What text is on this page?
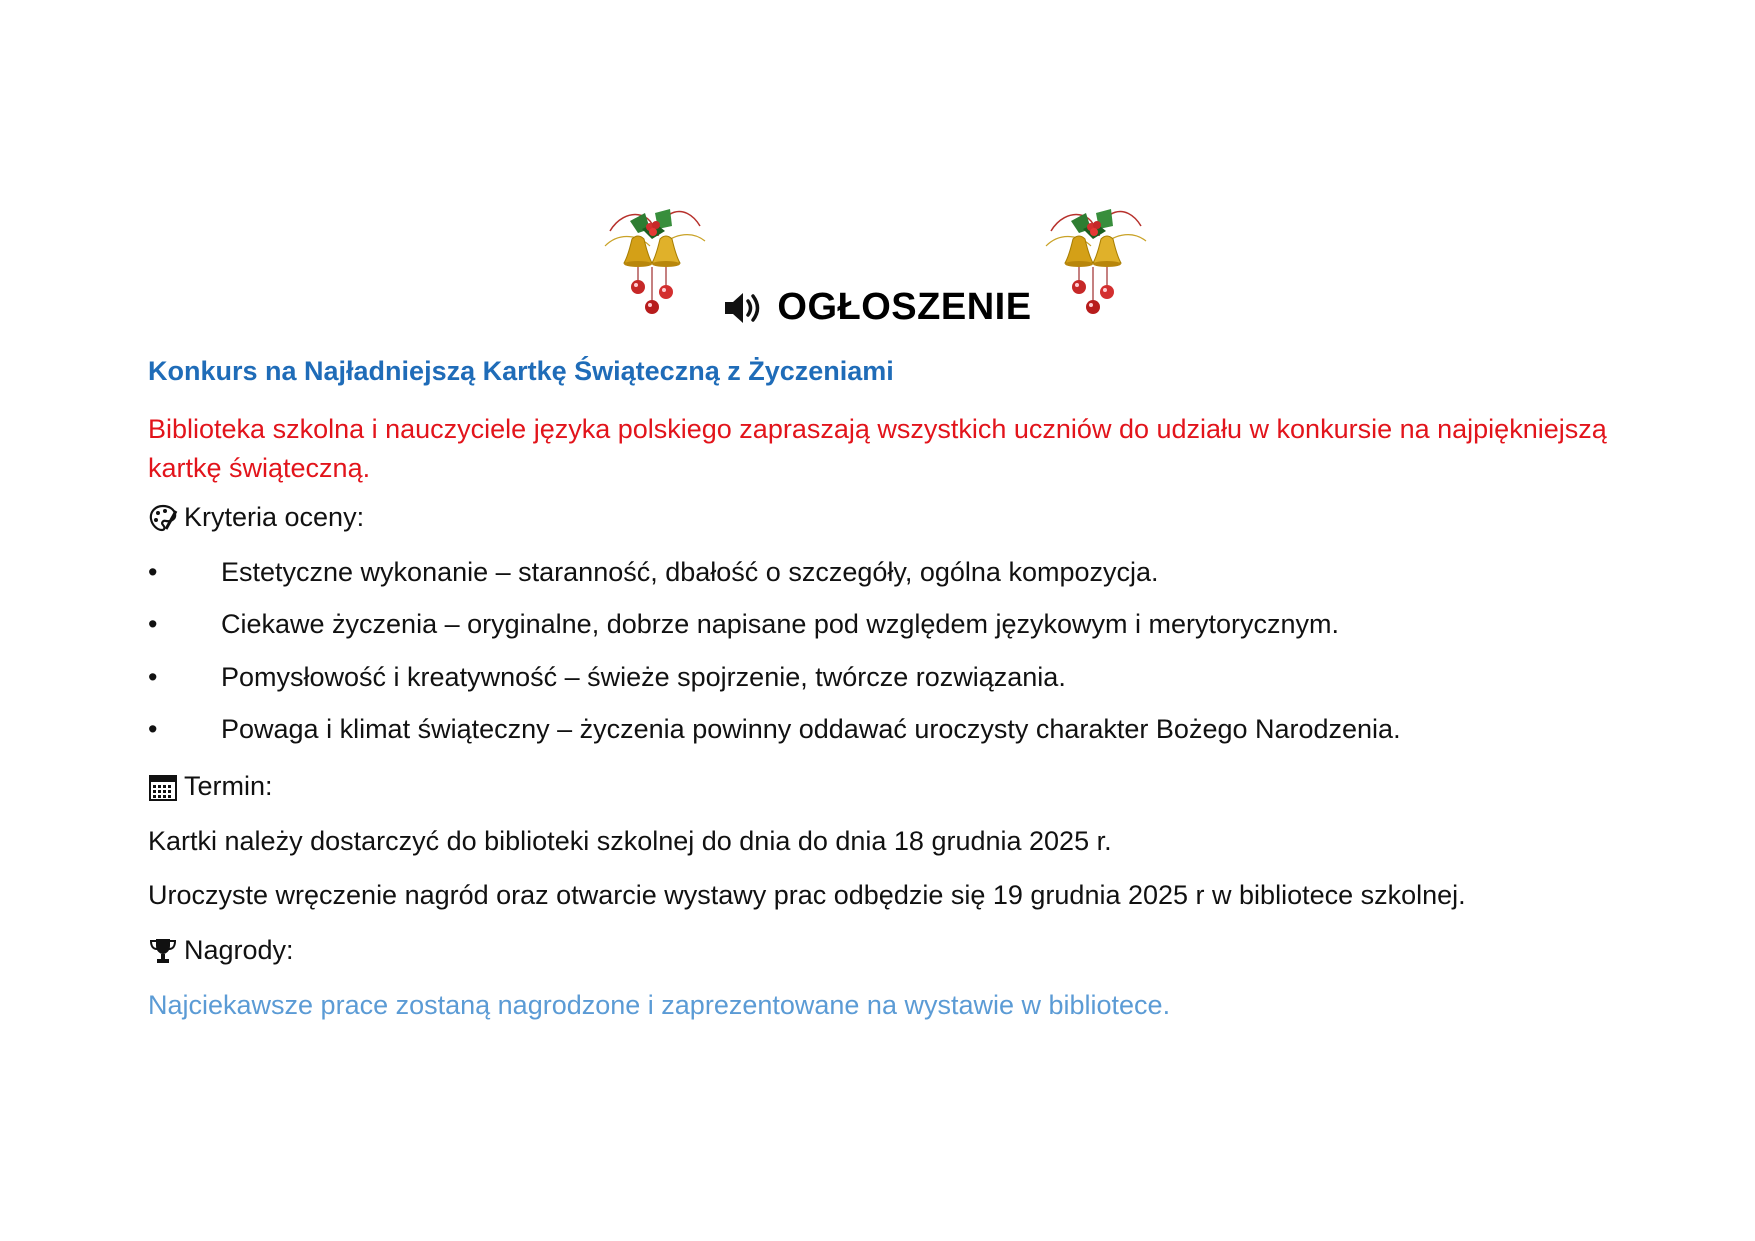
OGŁOSZENIE
Konkurs na Najładniejszą Kartkę Świąteczną z Życzeniami
Biblioteka szkolna i nauczyciele języka polskiego zapraszają wszystkich uczniów do udziału w konkursie na najpiękniejszą kartkę świąteczną.
Kryteria oceny:
• Estetyczne wykonanie – staranność, dbałość o szczegóły, ogólna kompozycja.
• Ciekawe życzenia – oryginalne, dobrze napisane pod względem językowym i merytorycznym.
• Pomysłowość i kreatywność – świeże spojrzenie, twórcze rozwiązania.
• Powaga i klimat świąteczny – życzenia powinny oddawać uroczysty charakter Bożego Narodzenia.
Termin:
Kartki należy dostarczyć do biblioteki szkolnej do dnia do dnia 18 grudnia 2025 r.
Uroczyste wręczenie nagród oraz otwarcie wystawy prac odbędzie się 19 grudnia 2025 r w bibliotece szkolnej.
Nagrody:
Najciekawsze prace zostaną nagrodzone i zaprezentowane na wystawie w bibliotece.
